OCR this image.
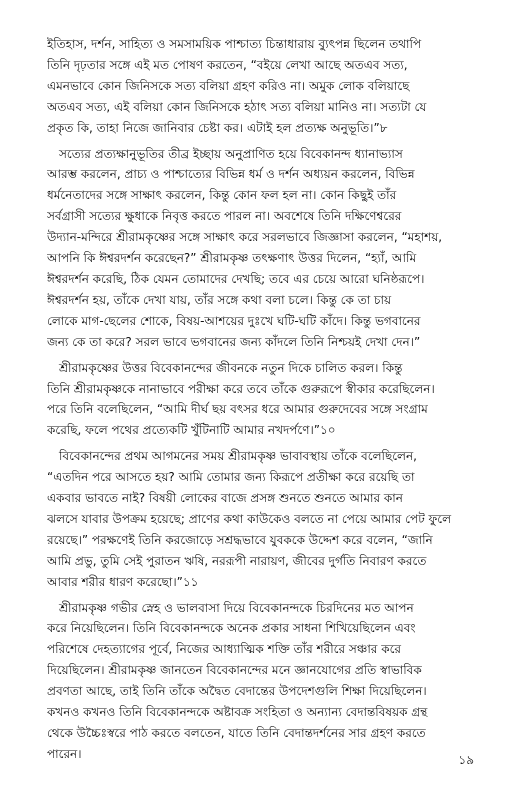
ইতিহাস, দর্শন, সাহিত্য ও সমসাময়িক পাশ্চাত্য চিন্তাধারায় ব্যুৎপন্ন ছিলেন তথাপি
তিনি দৃঢ়তার সঙ্গে এই মত পোষণ করতেন, “বইয়ে লেখা আছে অতএব সত্য,
এমনভাবে কোন জিনিসকে সত্য বলিয়া গ্রহণ করিও না। অমুক লোক বলিয়াছে
অতএব সত্য, এই বলিয়া কোন জিনিসকে হঠাৎ সত্য বলিয়া মানিও না। সত্যটা যে
প্রকৃত কি, তাহা নিজে জানিবার চেষ্টা কর। এটাই হল প্রত্যক্ষ অনুভূতি।”৮

সত্যের প্রত্যক্ষানুভূতির তীব্র ইচ্ছায় অনুপ্রাণিত হয়ে বিবেকানন্দ ধ্যানাভ্যাস
আরম্ভ করলেন, প্রাচ্য ও পাশ্চাত্যের বিভিন্ন ধর্ম ও দর্শন অধ্যয়ন করলেন, বিভিন্ন
ধর্মনেতাদের সঙ্গে সাক্ষাৎ করলেন, কিন্তু কোন ফল হল না। কোন কিছুই তাঁর
সর্বগ্রাসী সত্যের ক্ষুধাকে নিবৃত্ত করতে পারল না। অবশেষে তিনি দক্ষিণেশ্বরের
উদ্যান-মন্দিরে শ্রীরামকৃষ্ণের সঙ্গে সাক্ষাৎ করে সরলভাবে জিজ্ঞাসা করলেন, “মহাশয়,
আপনি কি ঈশ্বরদর্শন করেছেন?” শ্রীরামকৃষ্ণ তৎক্ষণাৎ উত্তর দিলেন, “হ্যাঁ, আমি
ঈশ্বরদর্শন করেছি, ঠিক যেমন তোমাদের দেখছি; তবে এর চেয়ে আরো ঘনিষ্ঠরূপে।
ঈশ্বরদর্শন হয়, তাঁকে দেখা যায়, তাঁর সঙ্গে কথা বলা চলে। কিন্তু কে তা চায়
লোকে মাগ-ছেলের শোকে, বিষয়-আশয়ের দুঃখে ঘটি-ঘটি কাঁদে। কিন্তু ভগবানের
জন্য কে তা করে? সরল ভাবে ভগবানের জন্য কাঁদলে তিনি নিশ্চয়ই দেখা দেন।”

শ্রীরামকৃষ্ণের উত্তর বিবেকানন্দের জীবনকে নতুন দিকে চালিত করল। কিন্তু
তিনি শ্রীরামকৃষ্ণকে নানাভাবে পরীক্ষা করে তবে তাঁকে গুরুরূপে স্বীকার করেছিলেন।
পরে তিনি বলেছিলেন, “আমি দীর্ঘ ছয় বৎসর ধরে আমার গুরুদেবের সঙ্গে সংগ্রাম
করেছি, ফলে পথের প্রত্যেকটি খুঁটিনাটি আমার নখদর্পণে।”১০

বিবেকানন্দের প্রথম আগমনের সময় শ্রীরামকৃষ্ণ ভাবাবস্থায় তাঁকে বলেছিলেন,
“এতদিন পরে আসতে হয়? আমি তোমার জন্য কিরূপে প্রতীক্ষা করে রয়েছি তা
একবার ভাবতে নাই? বিষয়ী লোকের বাজে প্রসঙ্গ শুনতে শুনতে আমার কান
ঝলসে যাবার উপক্রম হয়েছে; প্রাণের কথা কাউকেও বলতে না পেয়ে আমার পেট ফুলে
রয়েছে।” পরক্ষণেই তিনি করজোড়ে সশ্রদ্ধভাবে যুবককে উদ্দেশ করে বলেন, “জানি
আমি প্রভু, তুমি সেই পুরাতন ঋষি, নররূপী নারায়ণ, জীবের দুর্গতি নিবারণ করতে
আবার শরীর ধারণ করেছো।”১১

শ্রীরামকৃষ্ণ গভীর স্নেহ ও ভালবাসা দিয়ে বিবেকানন্দকে চিরদিনের মত আপন
করে নিয়েছিলেন। তিনি বিবেকানন্দকে অনেক প্রকার সাধনা শিখিয়েছিলেন এবং
পরিশেষে দেহত্যাগের পূর্বে, নিজের আধ্যাত্মিক শক্তি তাঁর শরীরে সঞ্চার করে
দিয়েছিলেন। শ্রীরামকৃষ্ণ জানতেন বিবেকানন্দের মনে জ্ঞানযোগের প্রতি স্বাভাবিক
প্রবণতা আছে, তাই তিনি তাঁকে অদ্বৈত বেদান্তের উপদেশগুলি শিক্ষা দিয়েছিলেন।
কখনও কখনও তিনি বিবেকানন্দকে অষ্টাবক্র সংহিতা ও অন্যান্য বেদান্তবিষয়ক গ্রন্থ
থেকে উচ্চৈঃস্বরে পাঠ করতে বলতেন, যাতে তিনি বেদান্তদর্শনের সার গ্রহণ করতে
পারেন।	১৯
